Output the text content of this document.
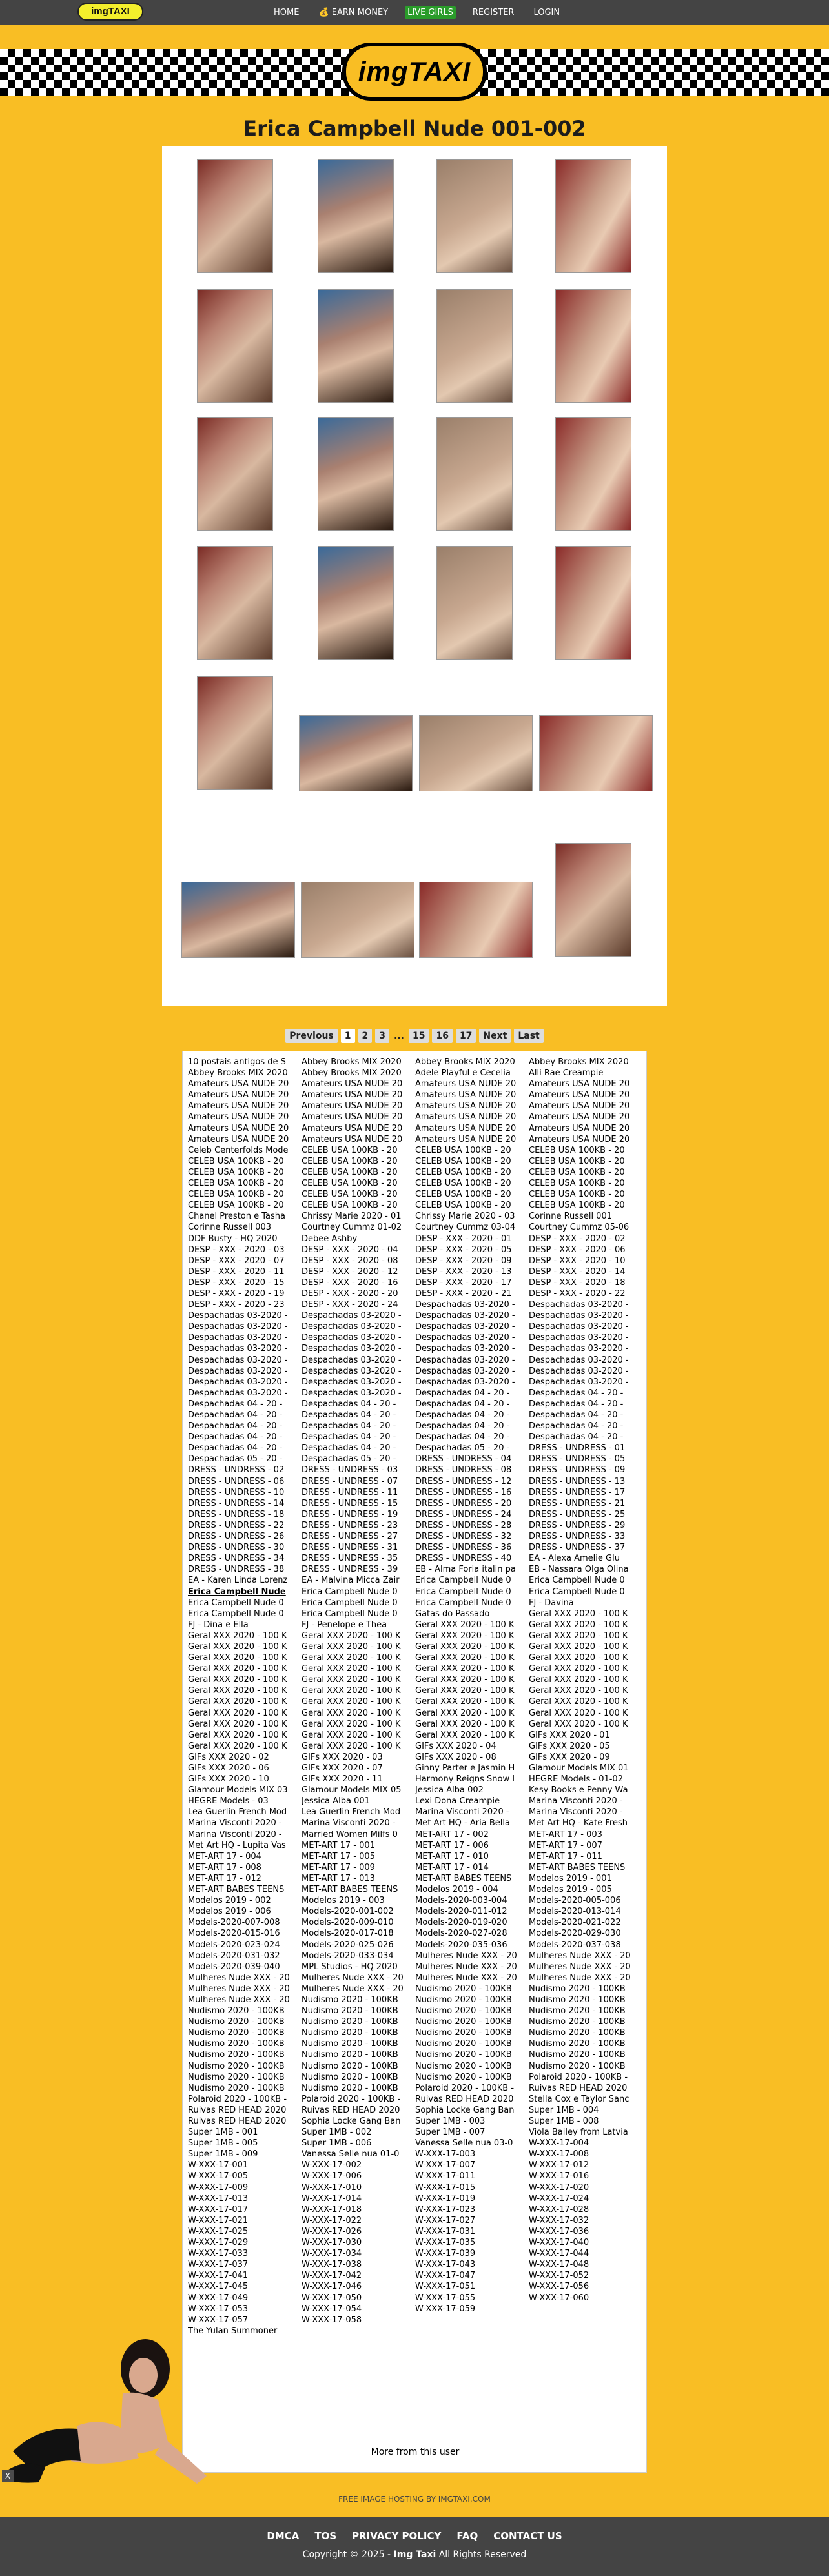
imgTAXI	HOME	💰 EARN MONEY	LIVE GIRLS	REGISTER	LOGIN
imgTAXI
Erica Campbell Nude 001-002
Previous	1	2	3 ... 15	16	17	Next	Last
10 postais antigos de S
Abbey Brooks MIX 2020
Amateurs USA NUDE 20
Amateurs USA NUDE 20
Amateurs USA NUDE 20
Amateurs USA NUDE 20
Amateurs USA NUDE 20
Amateurs USA NUDE 20
Celeb Centerfolds Mode
CELEB USA 100KB - 20
CELEB USA 100KB - 20
CELEB USA 100KB - 20
CELEB USA 100KB - 20
CELEB USA 100KB - 20
Chanel Preston e Tasha
Corinne Russell 003
DDF Busty - HQ 2020
DESP - XXX - 2020 - 03
DESP - XXX - 2020 - 07
DESP - XXX - 2020 - 11
DESP - XXX - 2020 - 15
DESP - XXX - 2020 - 19
DESP - XXX - 2020 - 23
Despachadas 03-2020 -
Despachadas 03-2020 -
Despachadas 03-2020 -
Despachadas 03-2020 -
Despachadas 03-2020 -
Despachadas 03-2020 -
Despachadas 03-2020 -
Despachadas 03-2020 -
Despachadas 04 - 20 -
Despachadas 04 - 20 -
Despachadas 04 - 20 -
Despachadas 04 - 20 -
Despachadas 04 - 20 -
Despachadas 05 - 20 -
DRESS - UNDRESS - 02
DRESS - UNDRESS - 06
DRESS - UNDRESS - 10
DRESS - UNDRESS - 14
DRESS - UNDRESS - 18
DRESS - UNDRESS - 22
DRESS - UNDRESS - 26
DRESS - UNDRESS - 30
DRESS - UNDRESS - 34
DRESS - UNDRESS - 38
EA - Karen Linda Lorenz
Erica Campbell Nude
Erica Campbell Nude 0
Erica Campbell Nude 0
FJ - Dina e Ella
Geral XXX 2020 - 100 K
Geral XXX 2020 - 100 K
Geral XXX 2020 - 100 K
Geral XXX 2020 - 100 K
Geral XXX 2020 - 100 K
Geral XXX 2020 - 100 K
Geral XXX 2020 - 100 K
Geral XXX 2020 - 100 K
Geral XXX 2020 - 100 K
Geral XXX 2020 - 100 K
Geral XXX 2020 - 100 K
GIFs XXX 2020 - 02
GIFs XXX 2020 - 06
GIFs XXX 2020 - 10
Glamour Models MIX 03
HEGRE Models - 03
Lea Guerlin French Mod
Marina Visconti 2020 -
Marina Visconti 2020 -
Met Art HQ - Lupita Vas
MET-ART 17 - 004
MET-ART 17 - 008
MET-ART 17 - 012
MET-ART BABES TEENS
Modelos 2019 - 002
Modelos 2019 - 006
Models-2020-007-008
Models-2020-015-016
Models-2020-023-024
Models-2020-031-032
Models-2020-039-040
Mulheres Nude XXX - 20
Mulheres Nude XXX - 20
Mulheres Nude XXX - 20
Nudismo 2020 - 100KB
Nudismo 2020 - 100KB
Nudismo 2020 - 100KB
Nudismo 2020 - 100KB
Nudismo 2020 - 100KB
Nudismo 2020 - 100KB
Nudismo 2020 - 100KB
Nudismo 2020 - 100KB
Polaroid 2020 - 100KB -
Ruivas RED HEAD 2020
Ruivas RED HEAD 2020
Super 1MB - 001
Super 1MB - 005
Super 1MB - 009
W-XXX-17-001
W-XXX-17-005
W-XXX-17-009
W-XXX-17-013
W-XXX-17-017
W-XXX-17-021
W-XXX-17-025
W-XXX-17-029
W-XXX-17-033
W-XXX-17-037
W-XXX-17-041
W-XXX-17-045
W-XXX-17-049
W-XXX-17-053
W-XXX-17-057
The Yulan Summoner
Abbey Brooks MIX 2020
Abbey Brooks MIX 2020
Amateurs USA NUDE 20
Amateurs USA NUDE 20
Amateurs USA NUDE 20
Amateurs USA NUDE 20
Amateurs USA NUDE 20
Amateurs USA NUDE 20
CELEB USA 100KB - 20
CELEB USA 100KB - 20
CELEB USA 100KB - 20
CELEB USA 100KB - 20
CELEB USA 100KB - 20
CELEB USA 100KB - 20
Chrissy Marie 2020 - 01
Courtney Cummz 01-02
Debee Ashby
DESP - XXX - 2020 - 04
DESP - XXX - 2020 - 08
DESP - XXX - 2020 - 12
DESP - XXX - 2020 - 16
DESP - XXX - 2020 - 20
DESP - XXX - 2020 - 24
Despachadas 03-2020 -
Despachadas 03-2020 -
Despachadas 03-2020 -
Despachadas 03-2020 -
Despachadas 03-2020 -
Despachadas 03-2020 -
Despachadas 03-2020 -
Despachadas 03-2020 -
Despachadas 04 - 20 -
Despachadas 04 - 20 -
Despachadas 04 - 20 -
Despachadas 04 - 20 -
Despachadas 04 - 20 -
Despachadas 05 - 20 -
DRESS - UNDRESS - 03
DRESS - UNDRESS - 07
DRESS - UNDRESS - 11
DRESS - UNDRESS - 15
DRESS - UNDRESS - 19
DRESS - UNDRESS - 23
DRESS - UNDRESS - 27
DRESS - UNDRESS - 31
DRESS - UNDRESS - 35
DRESS - UNDRESS - 39
EA - Malvina Micca Zair
Erica Campbell Nude 0
Erica Campbell Nude 0
Erica Campbell Nude 0
FJ - Penelope e Thea
Geral XXX 2020 - 100 K
Geral XXX 2020 - 100 K
Geral XXX 2020 - 100 K
Geral XXX 2020 - 100 K
Geral XXX 2020 - 100 K
Geral XXX 2020 - 100 K
Geral XXX 2020 - 100 K
Geral XXX 2020 - 100 K
Geral XXX 2020 - 100 K
Geral XXX 2020 - 100 K
Geral XXX 2020 - 100 K
GIFs XXX 2020 - 03
GIFs XXX 2020 - 07
GIFs XXX 2020 - 11
Glamour Models MIX 05
Jessica Alba 001
Lea Guerlin French Mod
Marina Visconti 2020 -
Married Women Milfs 0
MET-ART 17 - 001
MET-ART 17 - 005
MET-ART 17 - 009
MET-ART 17 - 013
MET-ART BABES TEENS
Modelos 2019 - 003
Models-2020-001-002
Models-2020-009-010
Models-2020-017-018
Models-2020-025-026
Models-2020-033-034
MPL Studios - HQ 2020
Mulheres Nude XXX - 20
Mulheres Nude XXX - 20
Nudismo 2020 - 100KB
Nudismo 2020 - 100KB
Nudismo 2020 - 100KB
Nudismo 2020 - 100KB
Nudismo 2020 - 100KB
Nudismo 2020 - 100KB
Nudismo 2020 - 100KB
Nudismo 2020 - 100KB
Nudismo 2020 - 100KB
Polaroid 2020 - 100KB -
Ruivas RED HEAD 2020
Sophia Locke Gang Ban
Super 1MB - 002
Super 1MB - 006
Vanessa Selle nua 01-0
W-XXX-17-002
W-XXX-17-006
W-XXX-17-010
W-XXX-17-014
W-XXX-17-018
W-XXX-17-022
W-XXX-17-026
W-XXX-17-030
W-XXX-17-034
W-XXX-17-038
W-XXX-17-042
W-XXX-17-046
W-XXX-17-050
W-XXX-17-054
W-XXX-17-058
Abbey Brooks MIX 2020
Adele Playful e Cecelia
Amateurs USA NUDE 20
Amateurs USA NUDE 20
Amateurs USA NUDE 20
Amateurs USA NUDE 20
Amateurs USA NUDE 20
Amateurs USA NUDE 20
CELEB USA 100KB - 20
CELEB USA 100KB - 20
CELEB USA 100KB - 20
CELEB USA 100KB - 20
CELEB USA 100KB - 20
CELEB USA 100KB - 20
Chrissy Marie 2020 - 03
Courtney Cummz 03-04
DESP - XXX - 2020 - 01
DESP - XXX - 2020 - 05
DESP - XXX - 2020 - 09
DESP - XXX - 2020 - 13
DESP - XXX - 2020 - 17
DESP - XXX - 2020 - 21
Despachadas 03-2020 -
Despachadas 03-2020 -
Despachadas 03-2020 -
Despachadas 03-2020 -
Despachadas 03-2020 -
Despachadas 03-2020 -
Despachadas 03-2020 -
Despachadas 03-2020 -
Despachadas 04 - 20 -
Despachadas 04 - 20 -
Despachadas 04 - 20 -
Despachadas 04 - 20 -
Despachadas 04 - 20 -
Despachadas 05 - 20 -
DRESS - UNDRESS - 04
DRESS - UNDRESS - 08
DRESS - UNDRESS - 12
DRESS - UNDRESS - 16
DRESS - UNDRESS - 20
DRESS - UNDRESS - 24
DRESS - UNDRESS - 28
DRESS - UNDRESS - 32
DRESS - UNDRESS - 36
DRESS - UNDRESS - 40
EB - Alma Foria italin pa
Erica Campbell Nude 0
Erica Campbell Nude 0
Erica Campbell Nude 0
Gatas do Passado
Geral XXX 2020 - 100 K
Geral XXX 2020 - 100 K
Geral XXX 2020 - 100 K
Geral XXX 2020 - 100 K
Geral XXX 2020 - 100 K
Geral XXX 2020 - 100 K
Geral XXX 2020 - 100 K
Geral XXX 2020 - 100 K
Geral XXX 2020 - 100 K
Geral XXX 2020 - 100 K
Geral XXX 2020 - 100 K
GIFs XXX 2020 - 04
GIFs XXX 2020 - 08
Ginny Parter e Jasmin H
Harmony Reigns Snow I
Jessica Alba 002
Lexi Dona Creampie
Marina Visconti 2020 -
Met Art HQ - Aria Bella
MET-ART 17 - 002
MET-ART 17 - 006
MET-ART 17 - 010
MET-ART 17 - 014
MET-ART BABES TEENS
Modelos 2019 - 004
Models-2020-003-004
Models-2020-011-012
Models-2020-019-020
Models-2020-027-028
Models-2020-035-036
Mulheres Nude XXX - 20
Mulheres Nude XXX - 20
Mulheres Nude XXX - 20
Nudismo 2020 - 100KB
Nudismo 2020 - 100KB
Nudismo 2020 - 100KB
Nudismo 2020 - 100KB
Nudismo 2020 - 100KB
Nudismo 2020 - 100KB
Nudismo 2020 - 100KB
Nudismo 2020 - 100KB
Nudismo 2020 - 100KB
Polaroid 2020 - 100KB -
Ruivas RED HEAD 2020
Sophia Locke Gang Ban
Super 1MB - 003
Super 1MB - 007
Vanessa Selle nua 03-0
W-XXX-17-003
W-XXX-17-007
W-XXX-17-011
W-XXX-17-015
W-XXX-17-019
W-XXX-17-023
W-XXX-17-027
W-XXX-17-031
W-XXX-17-035
W-XXX-17-039
W-XXX-17-043
W-XXX-17-047
W-XXX-17-051
W-XXX-17-055
W-XXX-17-059
Abbey Brooks MIX 2020
Alli Rae Creampie
Amateurs USA NUDE 20
Amateurs USA NUDE 20
Amateurs USA NUDE 20
Amateurs USA NUDE 20
Amateurs USA NUDE 20
Amateurs USA NUDE 20
CELEB USA 100KB - 20
CELEB USA 100KB - 20
CELEB USA 100KB - 20
CELEB USA 100KB - 20
CELEB USA 100KB - 20
CELEB USA 100KB - 20
Corinne Russell 001
Courtney Cummz 05-06
DESP - XXX - 2020 - 02
DESP - XXX - 2020 - 06
DESP - XXX - 2020 - 10
DESP - XXX - 2020 - 14
DESP - XXX - 2020 - 18
DESP - XXX - 2020 - 22
Despachadas 03-2020 -
Despachadas 03-2020 -
Despachadas 03-2020 -
Despachadas 03-2020 -
Despachadas 03-2020 -
Despachadas 03-2020 -
Despachadas 03-2020 -
Despachadas 03-2020 -
Despachadas 04 - 20 -
Despachadas 04 - 20 -
Despachadas 04 - 20 -
Despachadas 04 - 20 -
Despachadas 04 - 20 -
DRESS - UNDRESS - 01
DRESS - UNDRESS - 05
DRESS - UNDRESS - 09
DRESS - UNDRESS - 13
DRESS - UNDRESS - 17
DRESS - UNDRESS - 21
DRESS - UNDRESS - 25
DRESS - UNDRESS - 29
DRESS - UNDRESS - 33
DRESS - UNDRESS - 37
EA - Alexa Amelie Glu
EB - Nassara Olga Olina
Erica Campbell Nude 0
Erica Campbell Nude 0
FJ - Davina
Geral XXX 2020 - 100 K
Geral XXX 2020 - 100 K
Geral XXX 2020 - 100 K
Geral XXX 2020 - 100 K
Geral XXX 2020 - 100 K
Geral XXX 2020 - 100 K
Geral XXX 2020 - 100 K
Geral XXX 2020 - 100 K
Geral XXX 2020 - 100 K
Geral XXX 2020 - 100 K
Geral XXX 2020 - 100 K
GIFs XXX 2020 - 01
GIFs XXX 2020 - 05
GIFs XXX 2020 - 09
Glamour Models MIX 01
HEGRE Models - 01-02
Kesy Books e Penny Wa
Marina Visconti 2020 -
Marina Visconti 2020 -
Met Art HQ - Kate Fresh
MET-ART 17 - 003
MET-ART 17 - 007
MET-ART 17 - 011
MET-ART BABES TEENS
Modelos 2019 - 001
Modelos 2019 - 005
Models-2020-005-006
Models-2020-013-014
Models-2020-021-022
Models-2020-029-030
Models-2020-037-038
Mulheres Nude XXX - 20
Mulheres Nude XXX - 20
Mulheres Nude XXX - 20
Nudismo 2020 - 100KB
Nudismo 2020 - 100KB
Nudismo 2020 - 100KB
Nudismo 2020 - 100KB
Nudismo 2020 - 100KB
Nudismo 2020 - 100KB
Nudismo 2020 - 100KB
Nudismo 2020 - 100KB
Polaroid 2020 - 100KB -
Ruivas RED HEAD 2020
Stella Cox e Taylor Sanc
Super 1MB - 004
Super 1MB - 008
Viola Bailey from Latvia
W-XXX-17-004
W-XXX-17-008
W-XXX-17-012
W-XXX-17-016
W-XXX-17-020
W-XXX-17-024
W-XXX-17-028
W-XXX-17-032
W-XXX-17-036
W-XXX-17-040
W-XXX-17-044
W-XXX-17-048
W-XXX-17-052
W-XXX-17-056
W-XXX-17-060
More from this user
X
FREE IMAGE HOSTING BY IMGTAXI.COM
DMCA TOS PRIVACY POLICY FAQ CONTACT US
Copyright © 2025 - Img Taxi All Rights Reserved
